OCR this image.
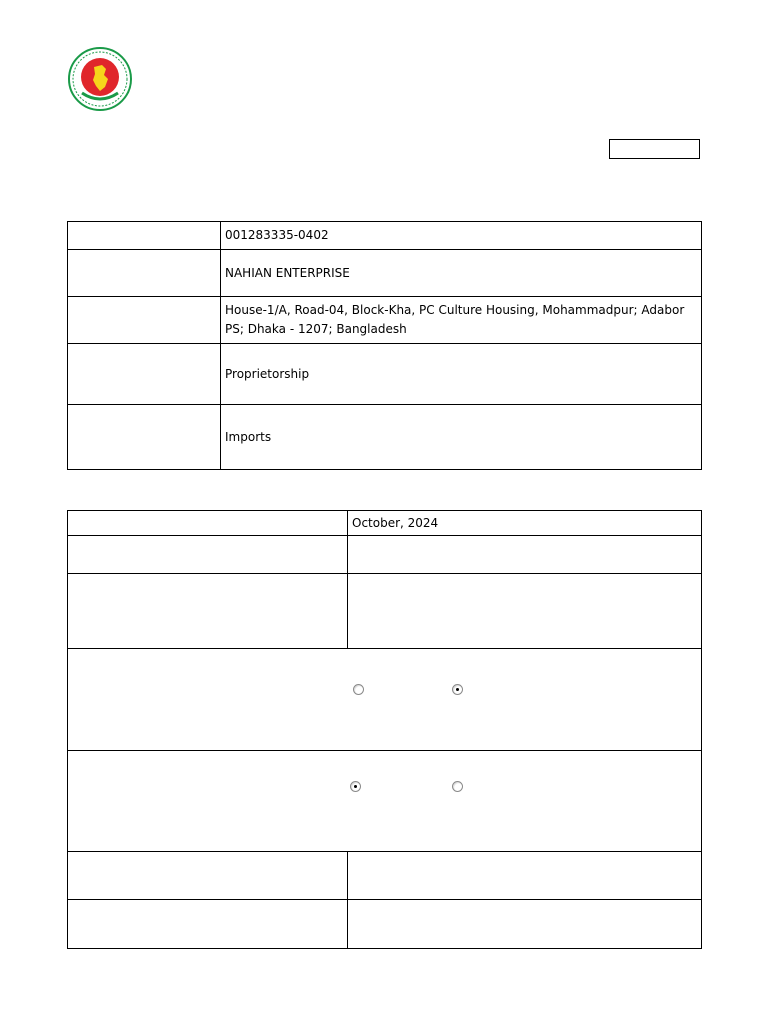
	001283335-0402
	NAHIAN ENTERPRISE
	House-1/A, Road-04, Block-Kha, PC Culture Housing, Mohammadpur; Adabor PS; Dhaka - 1207; Bangladesh
	Proprietorship
	Imports
	October, 2024
